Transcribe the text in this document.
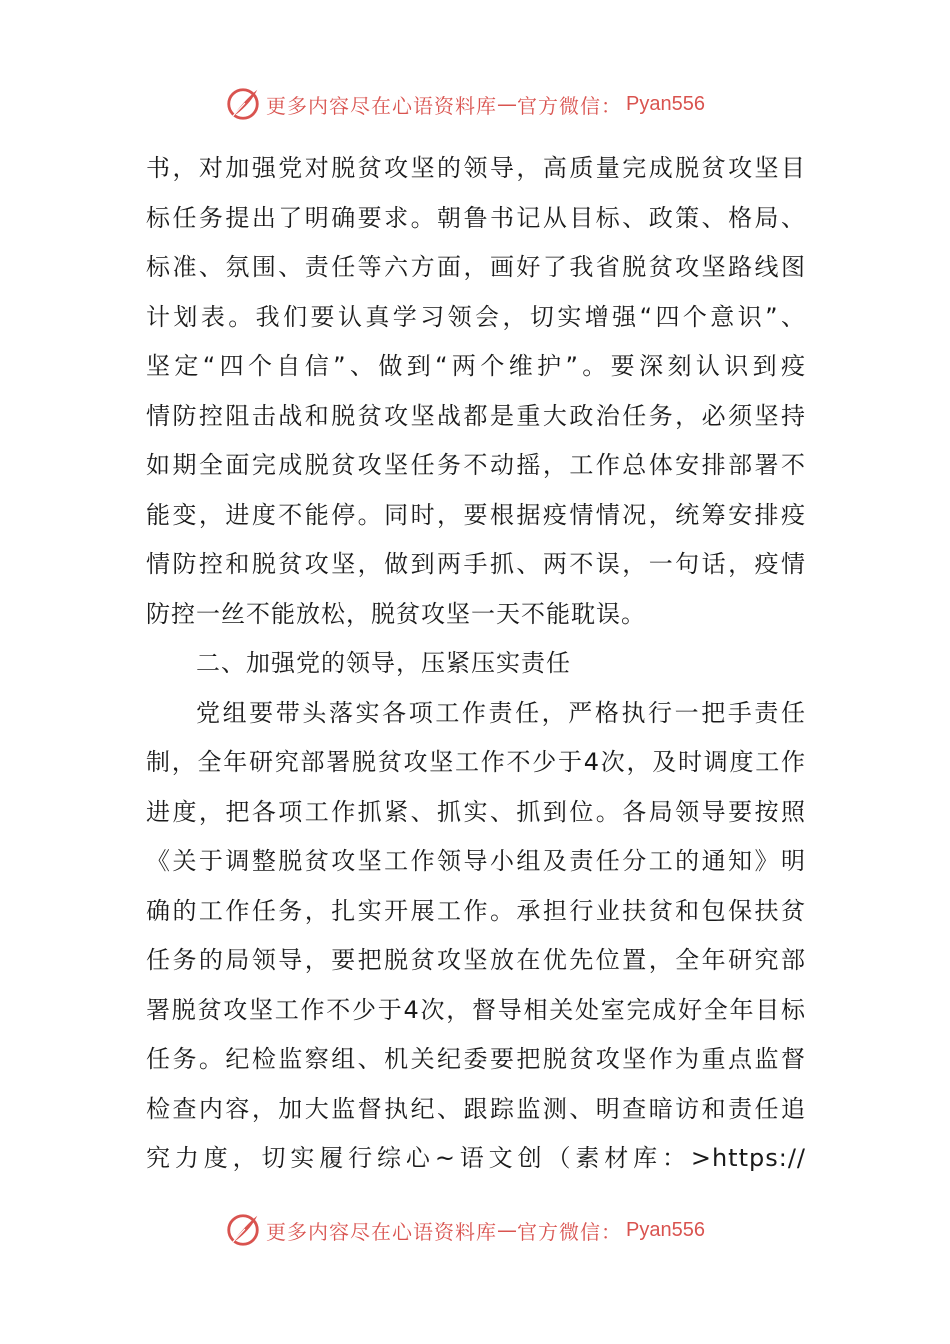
更多内容尽在心语资料库 — 官方微信： Pyan556
书，对加强党对脱贫攻坚的领导，高质量完成脱贫攻坚目
标任务提出了明确要求。朝鲁书记从目标、政策、格局、
标准、氛围、责任等六方面，画好了我省脱贫攻坚路线图
计划表。我们要认真学习领会，切实增强“四个意识”、
坚定“四个自信”、做到“两个维护”。要深刻认识到疫
情防控阻击战和脱贫攻坚战都是重大政治任务，必须坚持
如期全面完成脱贫攻坚任务不动摇，工作总体安排部署不
能变，进度不能停。同时，要根据疫情情况，统筹安排疫
情防控和脱贫攻坚，做到两手抓、两不误，一句话，疫情
防控一丝不能放松，脱贫攻坚一天不能耽误。
二、加强党的领导，压紧压实责任
党组要带头落实各项工作责任，严格执行一把手责任
制，全年研究部署脱贫攻坚工作不少于4次，及时调度工作
进度，把各项工作抓紧、抓实、抓到位。各局领导要按照
《关于调整脱贫攻坚工作领导小组及责任分工的通知》明
确的工作任务，扎实开展工作。承担行业扶贫和包保扶贫
任务的局领导，要把脱贫攻坚放在优先位置，全年研究部
署脱贫攻坚工作不少于4次，督导相关处室完成好全年目标
任务。纪检监察组、机关纪委要把脱贫攻坚作为重点监督
检查内容，加大监督执纪、跟踪监测、明查暗访和责任追
究力度，切实履行综心~语文创（素材库：>https://
更多内容尽在心语资料库 — 官方微信： Pyan556
